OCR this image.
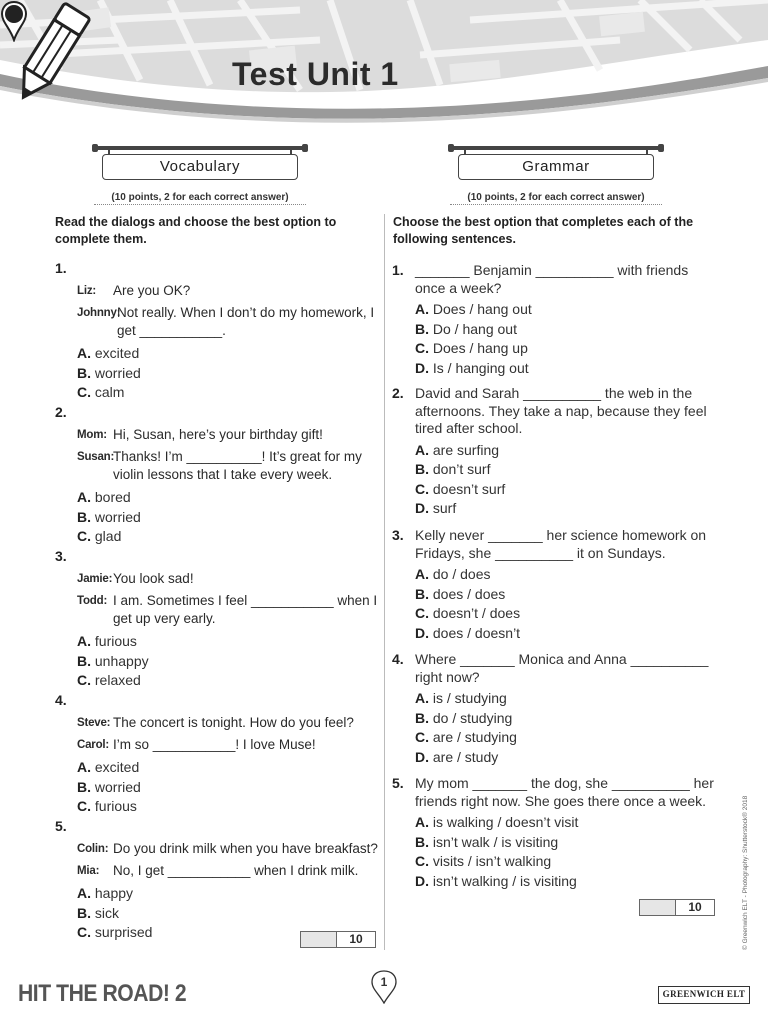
Test Unit 1
Vocabulary
(10 points, 2 for each correct answer)
Read the dialogs and choose the best option to complete them.
1.
Liz:	Are you OK?
Johnny:
Not really. When I don’t do my homework, I get ___________.
A. excited
B. worried
C. calm
2.
Mom: Hi, Susan, here’s your birthday gift!
Susan:
Thanks! I’m __________! It’s great for my violin lessons that I take every week.
A. bored
B. worried
C. glad
3.
Jamie: You look sad!
Todd: I am. Sometimes I feel ___________ when I get up very early.
A. furious
B. unhappy
C. relaxed
4.
Steve: The concert is tonight. How do you feel?
Carol: I’m so ___________! I love Muse!
A. excited
B. worried
C. furious
5.
Colin: Do you drink milk when you have breakfast?
Mia:	No, I get ___________ when I drink milk.
A. happy
B. sick
C. surprised	10
Grammar
(10 points, 2 for each correct answer)
Choose the best option that completes each of the following sentences.
1. _______ Benjamin __________ with friends once a week?
A. Does / hang out
B. Do / hang out
C. Does / hang up
D. Is / hanging out
2. David and Sarah __________ the web in the afternoons. They take a nap, because they feel tired after school.
A. are surfing
B. don’t surf
C. doesn’t surf
D. surf
3. Kelly never _______ her science homework on Fridays, she __________ it on Sundays.
A. do / does
B. does / does
C. doesn’t / does
D. does / doesn’t
4. Where _______ Monica and Anna __________ right now?
A. is / studying
B. do / studying
C. are / studying
D. are / study
5. My mom _______ the dog, she __________ her friends right now. She goes there once a week.
A. is walking / doesn’t visit
B. isn’t walk / is visiting
C. visits / isn’t walking
D. isn’t walking / is visiting
10	© Greenwich ELT - Photography: Shutterstock® 2018
HIT THE ROAD! 2	1
GREENWICH ELT
